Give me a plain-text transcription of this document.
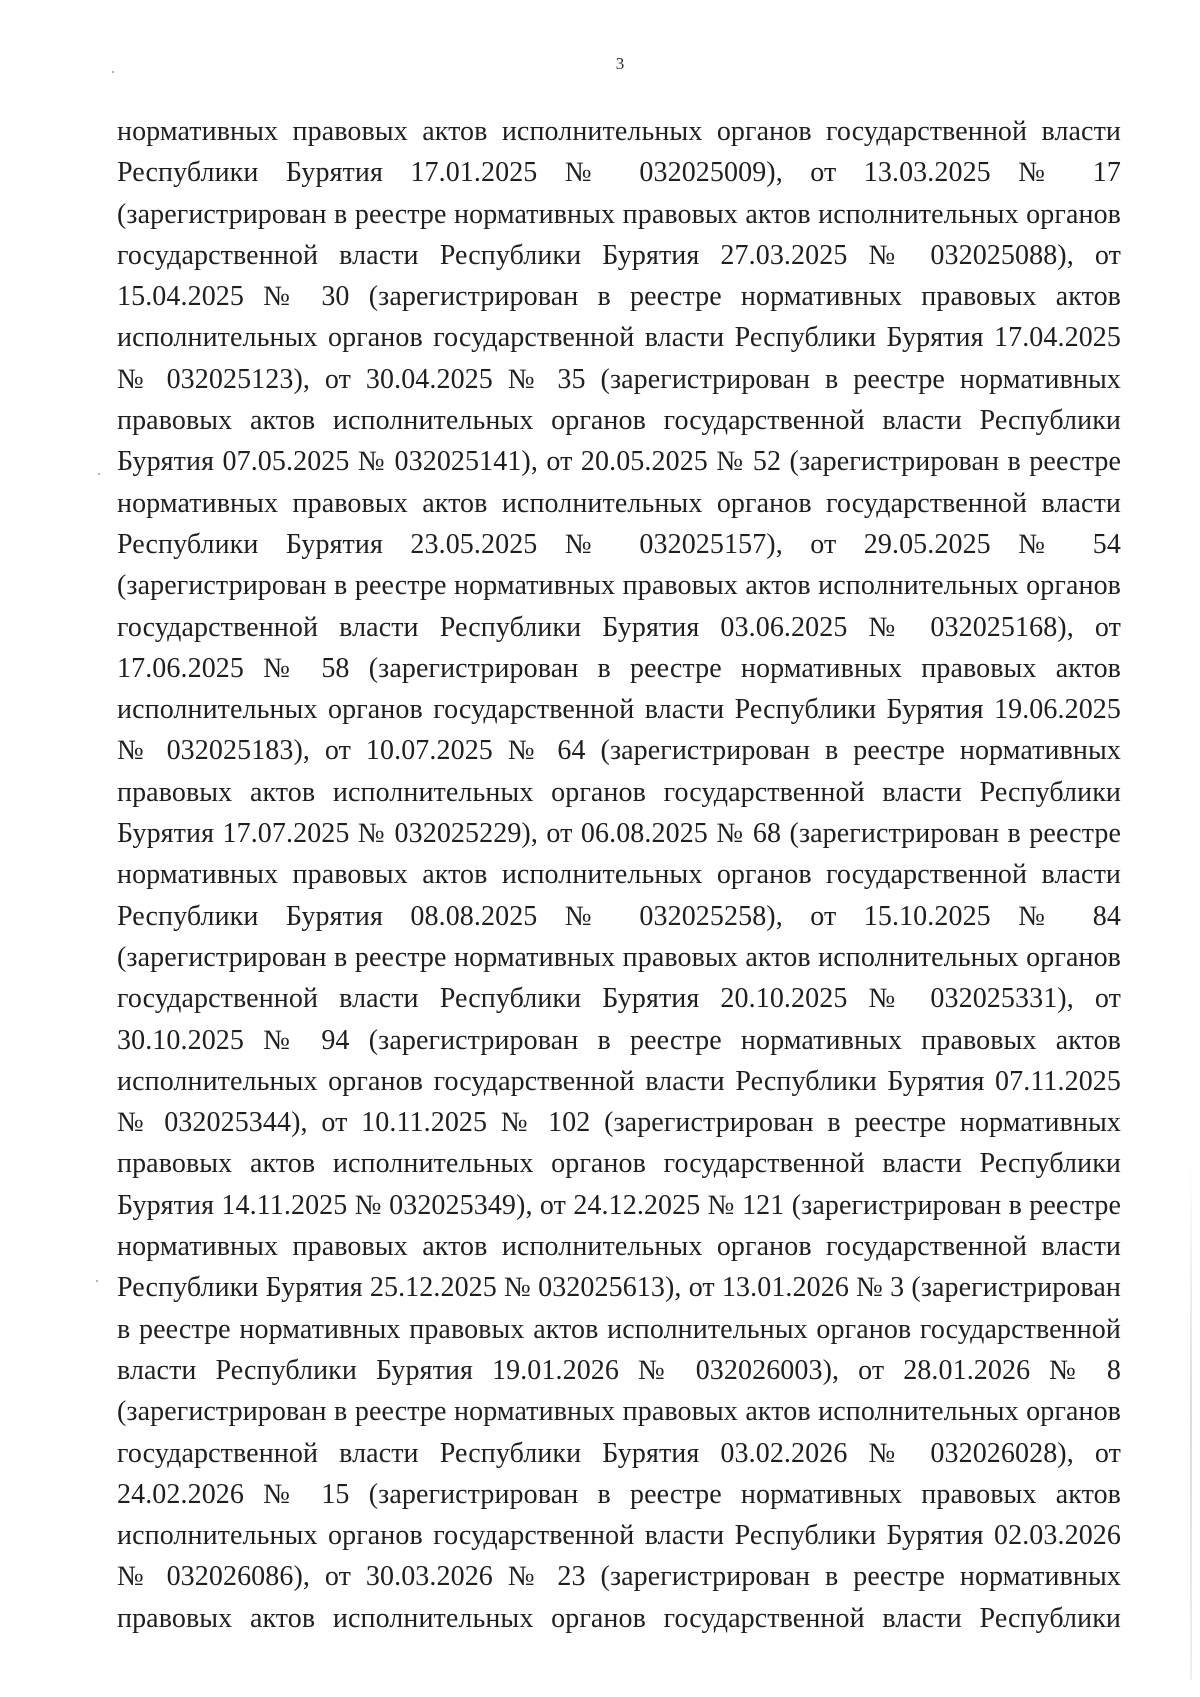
3
нормативных правовых актов исполнительных органов государственной власти
Республики Бурятия 17.01.2025 № 032025009), от 13.03.2025 № 17
(зарегистрирован в реестре нормативных правовых актов исполнительных органов
государственной власти Республики Бурятия 27.03.2025 № 032025088), от
15.04.2025 № 30 (зарегистрирован в реестре нормативных правовых актов
исполнительных органов государственной власти Республики Бурятия 17.04.2025
№ 032025123), от 30.04.2025 № 35 (зарегистрирован в реестре нормативных
правовых актов исполнительных органов государственной власти Республики
Бурятия 07.05.2025 № 032025141), от 20.05.2025 № 52 (зарегистрирован в реестре
нормативных правовых актов исполнительных органов государственной власти
Республики Бурятия 23.05.2025 № 032025157), от 29.05.2025 № 54
(зарегистрирован в реестре нормативных правовых актов исполнительных органов
государственной власти Республики Бурятия 03.06.2025 № 032025168), от
17.06.2025 № 58 (зарегистрирован в реестре нормативных правовых актов
исполнительных органов государственной власти Республики Бурятия 19.06.2025
№ 032025183), от 10.07.2025 № 64 (зарегистрирован в реестре нормативных
правовых актов исполнительных органов государственной власти Республики
Бурятия 17.07.2025 № 032025229), от 06.08.2025 № 68 (зарегистрирован в реестре
нормативных правовых актов исполнительных органов государственной власти
Республики Бурятия 08.08.2025 № 032025258), от 15.10.2025 № 84
(зарегистрирован в реестре нормативных правовых актов исполнительных органов
государственной власти Республики Бурятия 20.10.2025 № 032025331), от
30.10.2025 № 94 (зарегистрирован в реестре нормативных правовых актов
исполнительных органов государственной власти Республики Бурятия 07.11.2025
№ 032025344), от 10.11.2025 № 102 (зарегистрирован в реестре нормативных
правовых актов исполнительных органов государственной власти Республики
Бурятия 14.11.2025 № 032025349), от 24.12.2025 № 121 (зарегистрирован в реестре
нормативных правовых актов исполнительных органов государственной власти
Республики Бурятия 25.12.2025 № 032025613), от 13.01.2026 № 3 (зарегистрирован
в реестре нормативных правовых актов исполнительных органов государственной
власти Республики Бурятия 19.01.2026 № 032026003), от 28.01.2026 № 8
(зарегистрирован в реестре нормативных правовых актов исполнительных органов
государственной власти Республики Бурятия 03.02.2026 № 032026028), от
24.02.2026 № 15 (зарегистрирован в реестре нормативных правовых актов
исполнительных органов государственной власти Республики Бурятия 02.03.2026
№ 032026086), от 30.03.2026 № 23 (зарегистрирован в реестре нормативных
правовых актов исполнительных органов государственной власти Республики
